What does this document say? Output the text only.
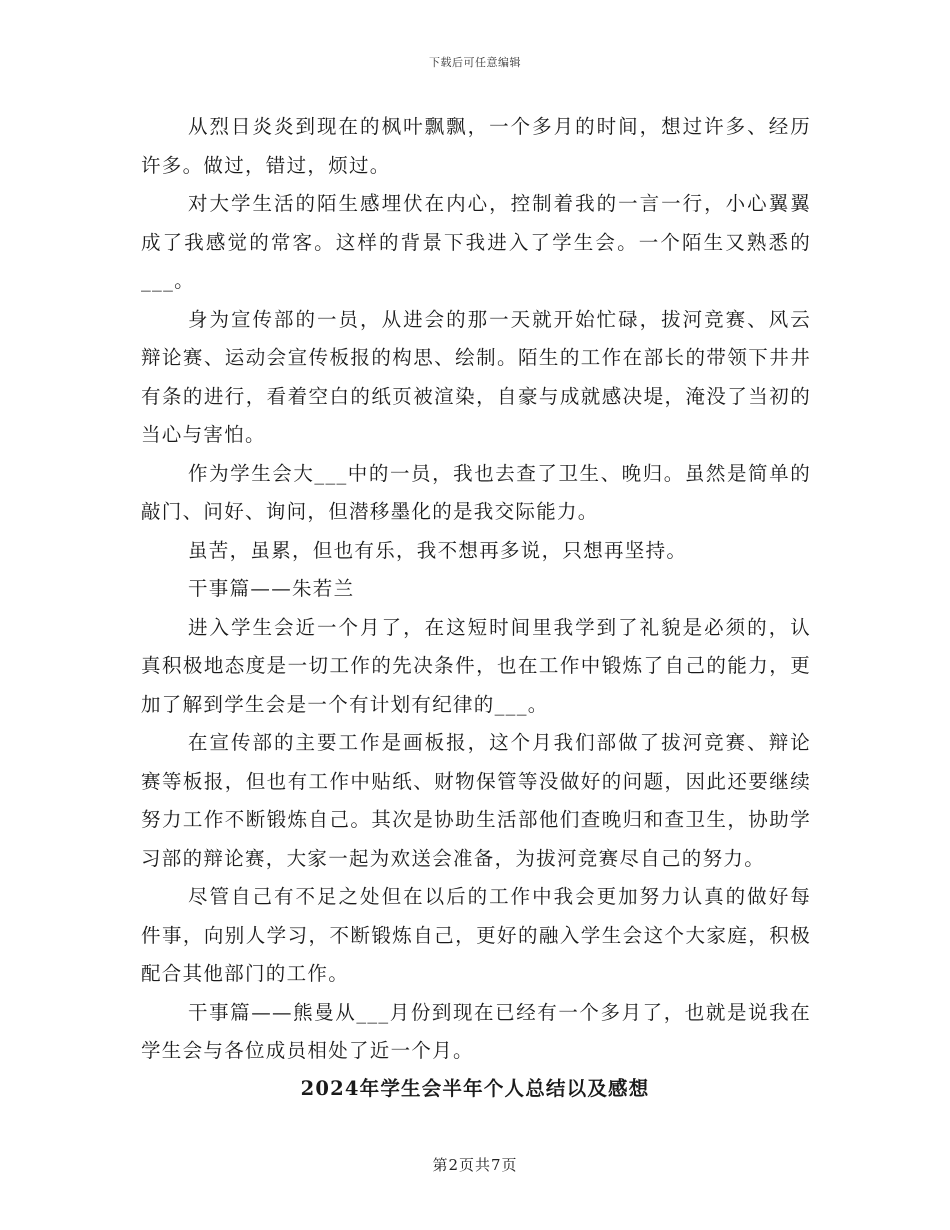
下载后可任意编辑

从烈日炎炎到现在的枫叶飘飘，一个多月的时间，想过许多、经历许多。做过，错过，烦过。

对大学生活的陌生感埋伏在内心，控制着我的一言一行，小心翼翼成了我感觉的常客。这样的背景下我进入了学生会。一个陌生又熟悉的___。

身为宣传部的一员，从进会的那一天就开始忙碌，拔河竞赛、风云辩论赛、运动会宣传板报的构思、绘制。陌生的工作在部长的带领下井井有条的进行，看着空白的纸页被渲染，自豪与成就感决堤，淹没了当初的当心与害怕。

作为学生会大___中的一员，我也去查了卫生、晚归。虽然是简单的敲门、问好、询问，但潜移墨化的是我交际能力。

虽苦，虽累，但也有乐，我不想再多说，只想再坚持。

干事篇——朱若兰

进入学生会近一个月了，在这短时间里我学到了礼貌是必须的，认真积极地态度是一切工作的先决条件，也在工作中锻炼了自己的能力，更加了解到学生会是一个有计划有纪律的___。

在宣传部的主要工作是画板报，这个月我们部做了拔河竞赛、辩论赛等板报，但也有工作中贴纸、财物保管等没做好的问题，因此还要继续努力工作不断锻炼自己。其次是协助生活部他们查晚归和查卫生，协助学习部的辩论赛，大家一起为欢送会准备，为拔河竞赛尽自己的努力。

尽管自己有不足之处但在以后的工作中我会更加努力认真的做好每件事，向别人学习，不断锻炼自己，更好的融入学生会这个大家庭，积极配合其他部门的工作。

干事篇——熊曼从___月份到现在已经有一个多月了，也就是说我在学生会与各位成员相处了近一个月。

2024年学生会半年个人总结以及感想
第2页共7页
